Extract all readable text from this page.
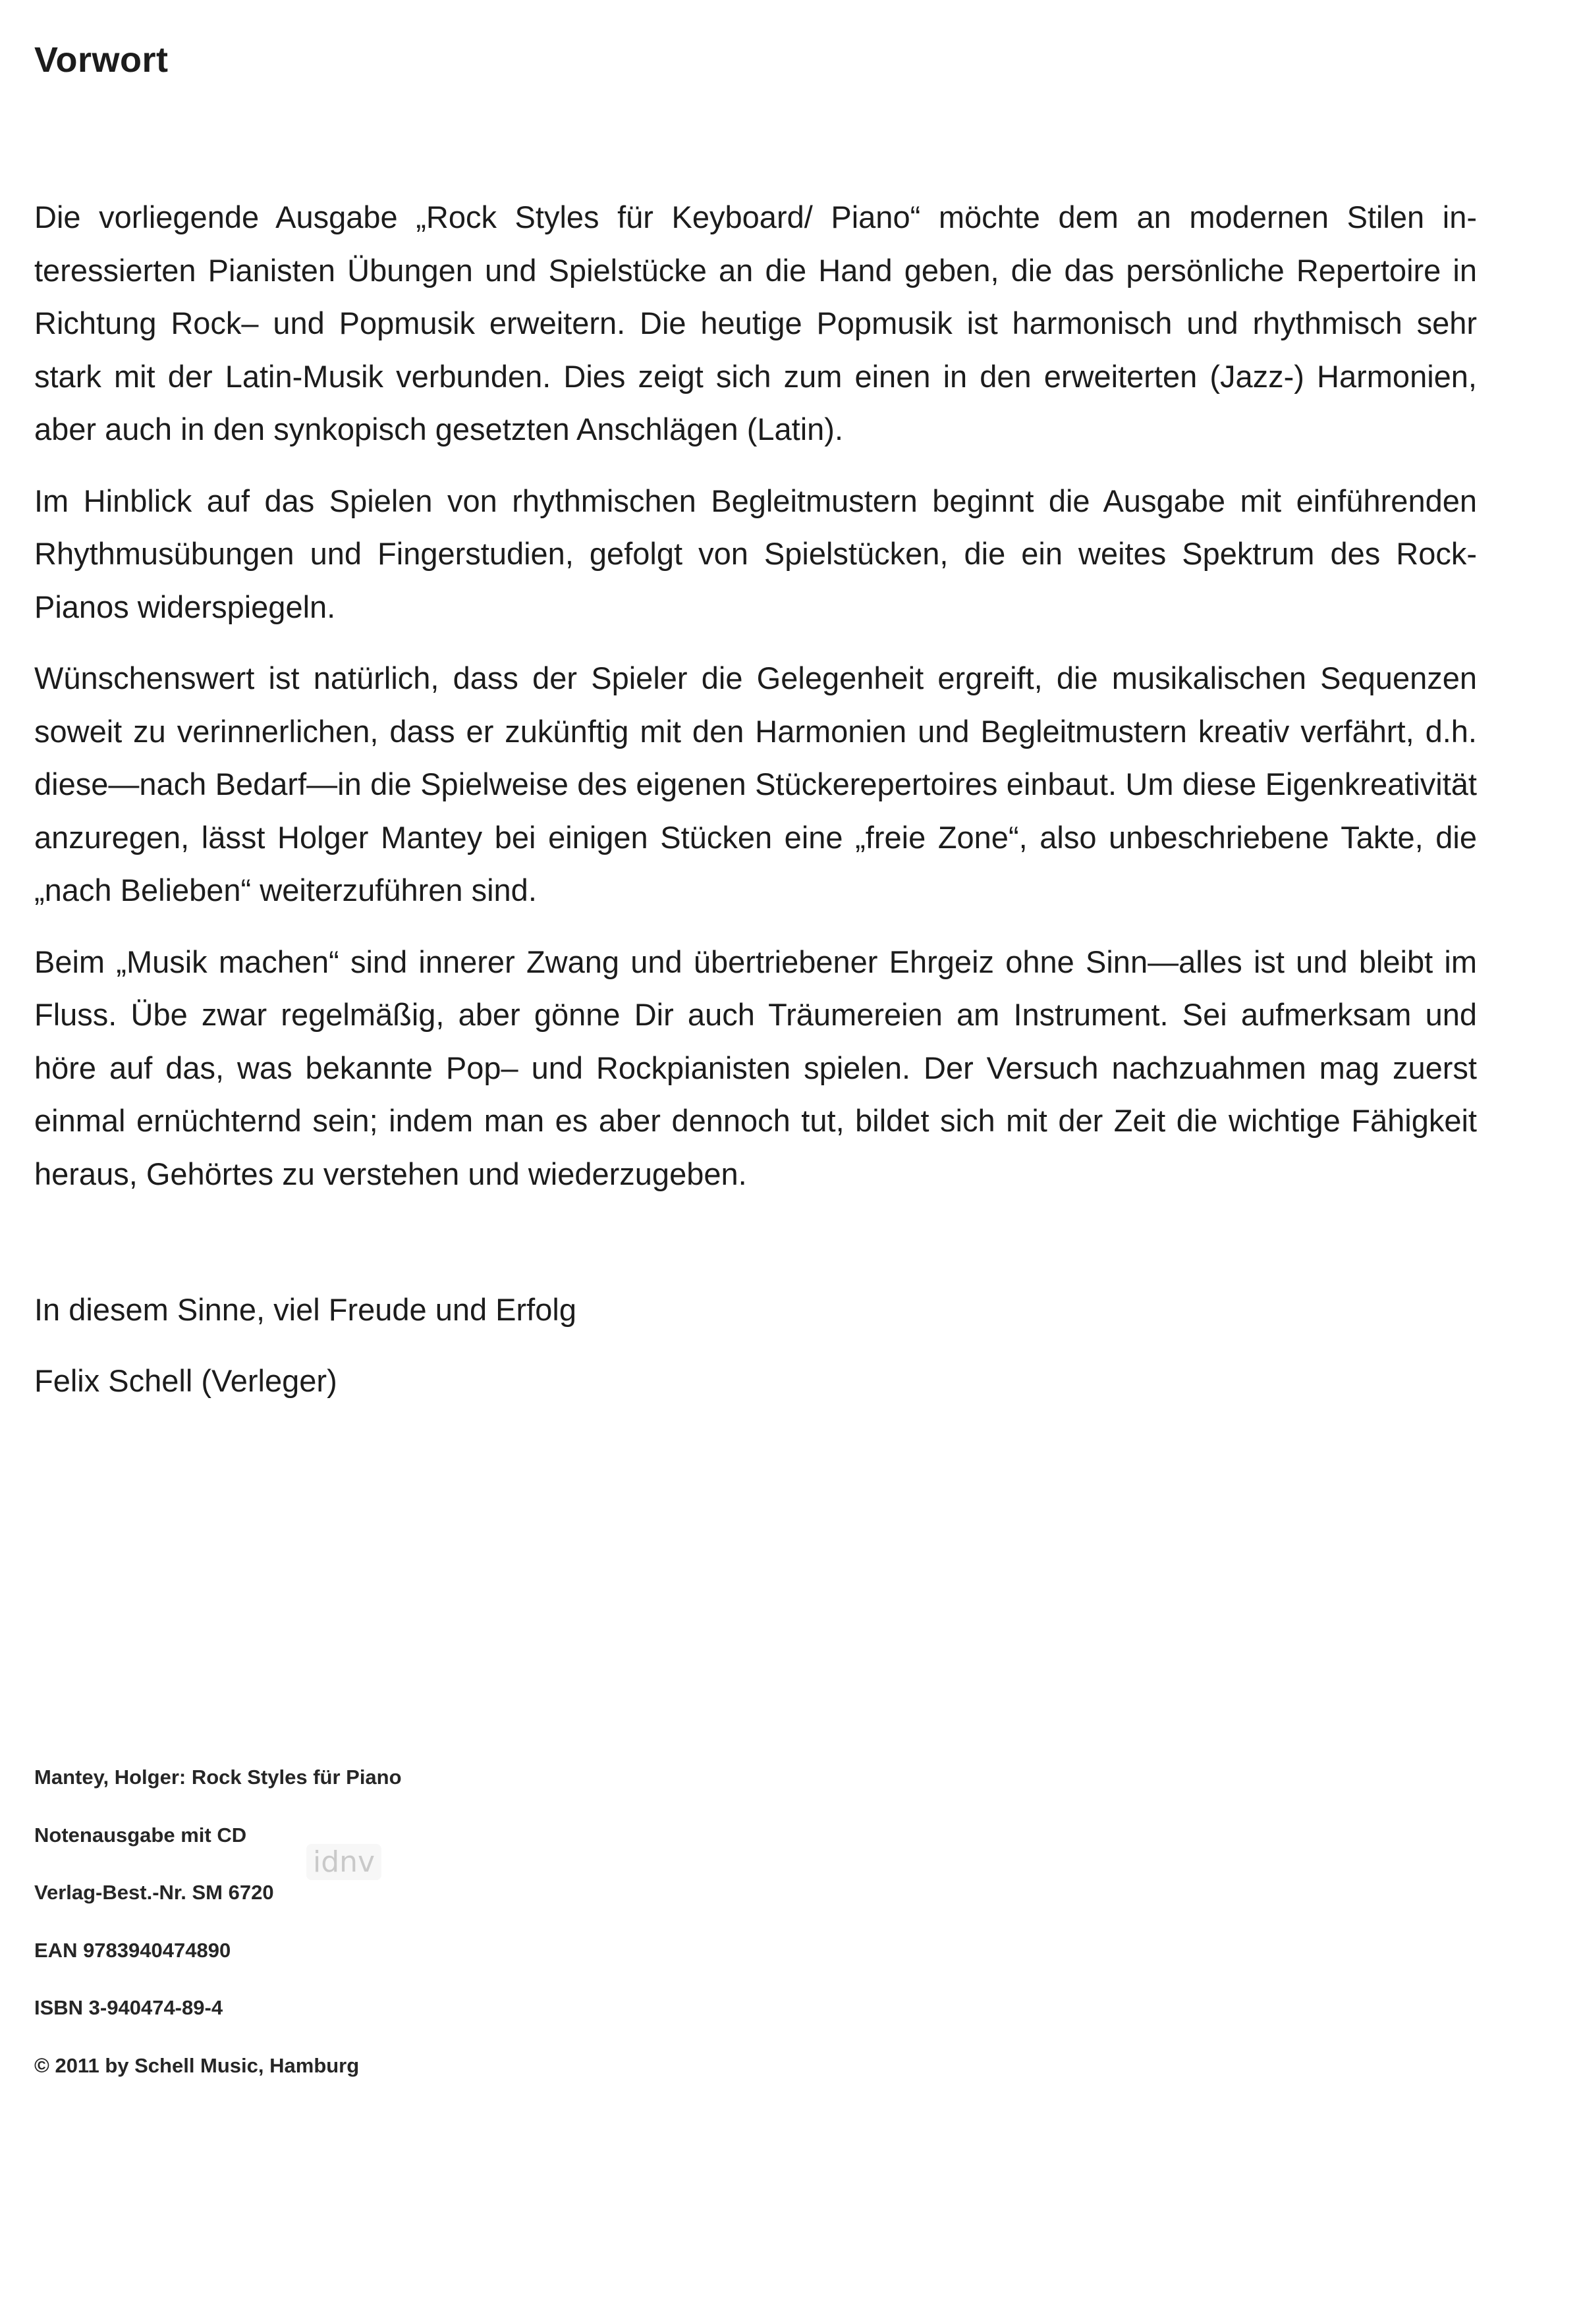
Vorwort

Die vorliegende Ausgabe „Rock Styles für Keyboard/ Piano“ möchte dem an modernen Stilen interessierten Pianisten Übungen und Spielstücke an die Hand geben, die das persönliche Repertoire in Richtung Rock– und Popmusik erweitern. Die heutige Popmusik ist harmonisch und rhythmisch sehr stark mit der Latin-Musik verbunden. Dies zeigt sich zum einen in den erweiterten (Jazz-) Harmonien, aber auch in den synkopisch gesetzten Anschlägen (Latin).

Im Hinblick auf das Spielen von rhythmischen Begleitmustern beginnt die Ausgabe mit einführenden Rhythmusübungen und Fingerstudien, gefolgt von Spielstücken, die ein weites Spektrum des Rock-Pianos widerspiegeln.

Wünschenswert ist natürlich, dass der Spieler die Gelegenheit ergreift, die musikalischen Sequenzen soweit zu verinnerlichen, dass er zukünftig mit den Harmonien und Begleitmustern kreativ verfährt, d.h. diese—nach Bedarf—in die Spielweise des eigenen Stückerepertoires einbaut. Um diese Eigenkreativität anzuregen, lässt Holger Mantey bei einigen Stücken eine „freie Zone“, also unbeschriebene Takte, die „nach Belieben“ weiterzuführen sind.

Beim „Musik machen“ sind innerer Zwang und übertriebener Ehrgeiz ohne Sinn—alles ist und bleibt im Fluss. Übe zwar regelmäßig, aber gönne Dir auch Träumereien am Instrument. Sei aufmerksam und höre auf das, was bekannte Pop– und Rockpianisten spielen. Der Versuch nachzuahmen mag zuerst einmal ernüchternd sein; indem man es aber dennoch tut, bildet sich mit der Zeit die wichtige Fähigkeit heraus, Gehörtes zu verstehen und wiederzugeben.

In diesem Sinne, viel Freude und Erfolg

Felix Schell (Verleger)

Mantey, Holger: Rock Styles für Piano

Notenausgabe mit CD

Verlag-Best.-Nr. SM 6720

EAN 9783940474890

ISBN 3-940474-89-4

© 2011 by Schell Music, Hamburg

idnv
